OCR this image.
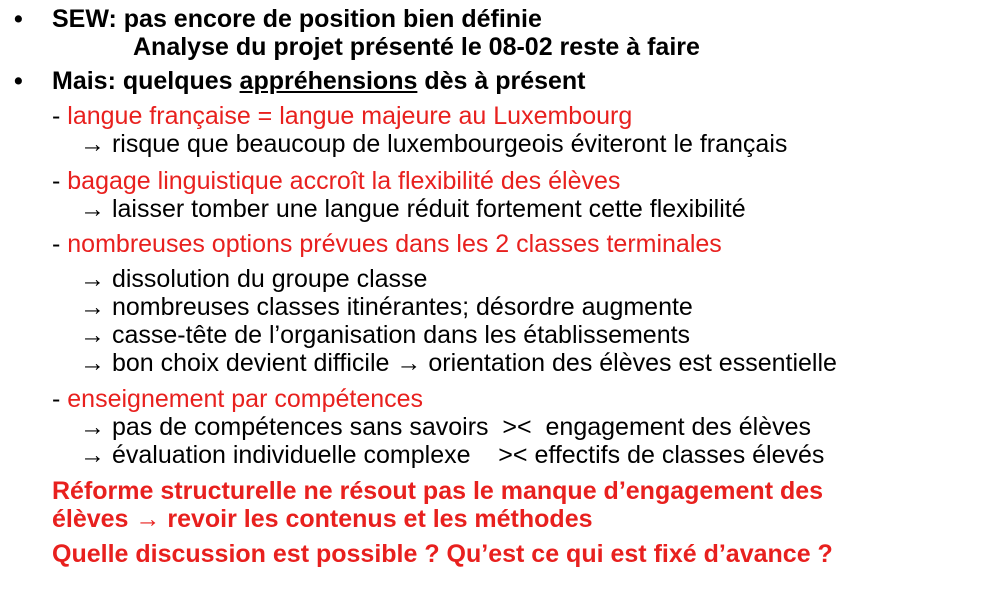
• SEW: pas encore de position bien définie
Analyse du projet présenté le 08-02 reste à faire
• Mais: quelques appréhensions dès à présent
- langue française = langue majeure au Luxembourg
→ risque que beaucoup de luxembourgeois éviteront le français
- bagage linguistique accroît la flexibilité des élèves
→ laisser tomber une langue réduit fortement cette flexibilité
- nombreuses options prévues dans les 2 classes terminales
→ dissolution du groupe classe
→ nombreuses classes itinérantes; désordre augmente
→ casse-tête de l’organisation dans les établissements
→ bon choix devient difficile → orientation des élèves est essentielle
- enseignement par compétences
→ pas de compétences sans savoirs  ><  engagement des élèves
→ évaluation individuelle complexe    >< effectifs de classes élevés
Réforme structurelle ne résout pas le manque d’engagement des
élèves → revoir les contenus et les méthodes
Quelle discussion est possible ? Qu’est ce qui est fixé d’avance ?
